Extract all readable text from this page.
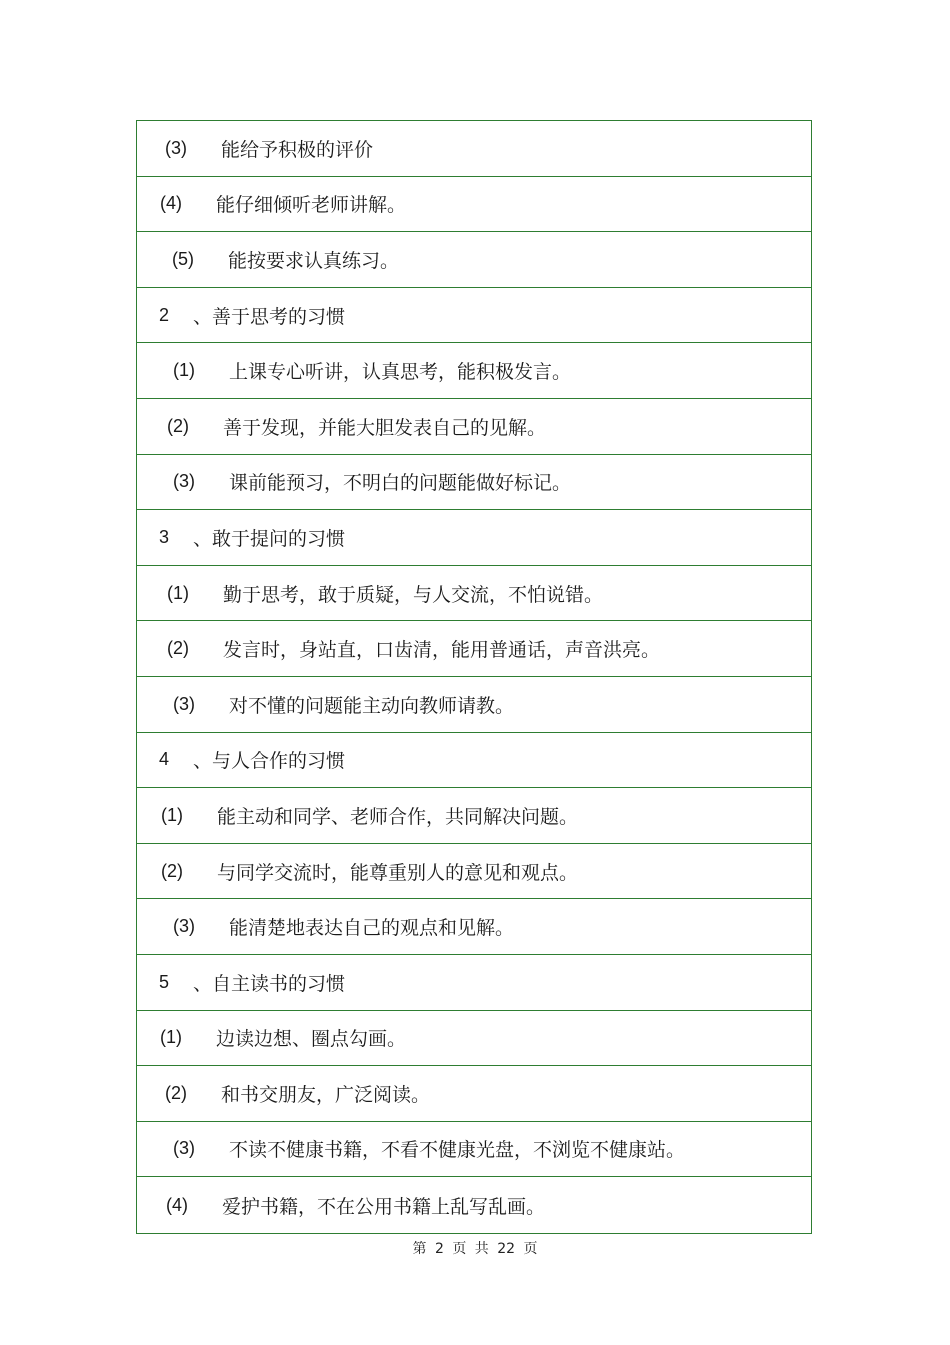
(3)	能给予积极的评价
(4)	能仔细倾听老师讲解。
(5)	能按要求认真练习。
2	、善于思考的习惯
(1)	上课专心听讲，认真思考，能积极发言。
(2)	善于发现，并能大胆发表自己的见解。
(3)	课前能预习，不明白的问题能做好标记。
3	、敢于提问的习惯
(1)	勤于思考，敢于质疑，与人交流，不怕说错。
(2)	发言时，身站直，口齿清，能用普通话，声音洪亮。
(3)	对不懂的问题能主动向教师请教。
4	、与人合作的习惯
(1)	能主动和同学、老师合作，共同解决问题。
(2)	与同学交流时，能尊重别人的意见和观点。
(3)	能清楚地表达自己的观点和见解。
5	、自主读书的习惯
(1)	边读边想、圈点勾画。
(2)	和书交朋友，广泛阅读。
(3)	不读不健康书籍，不看不健康光盘，不浏览不健康站。
(4)	爱护书籍，不在公用书籍上乱写乱画。
第 2 页 共 22 页
